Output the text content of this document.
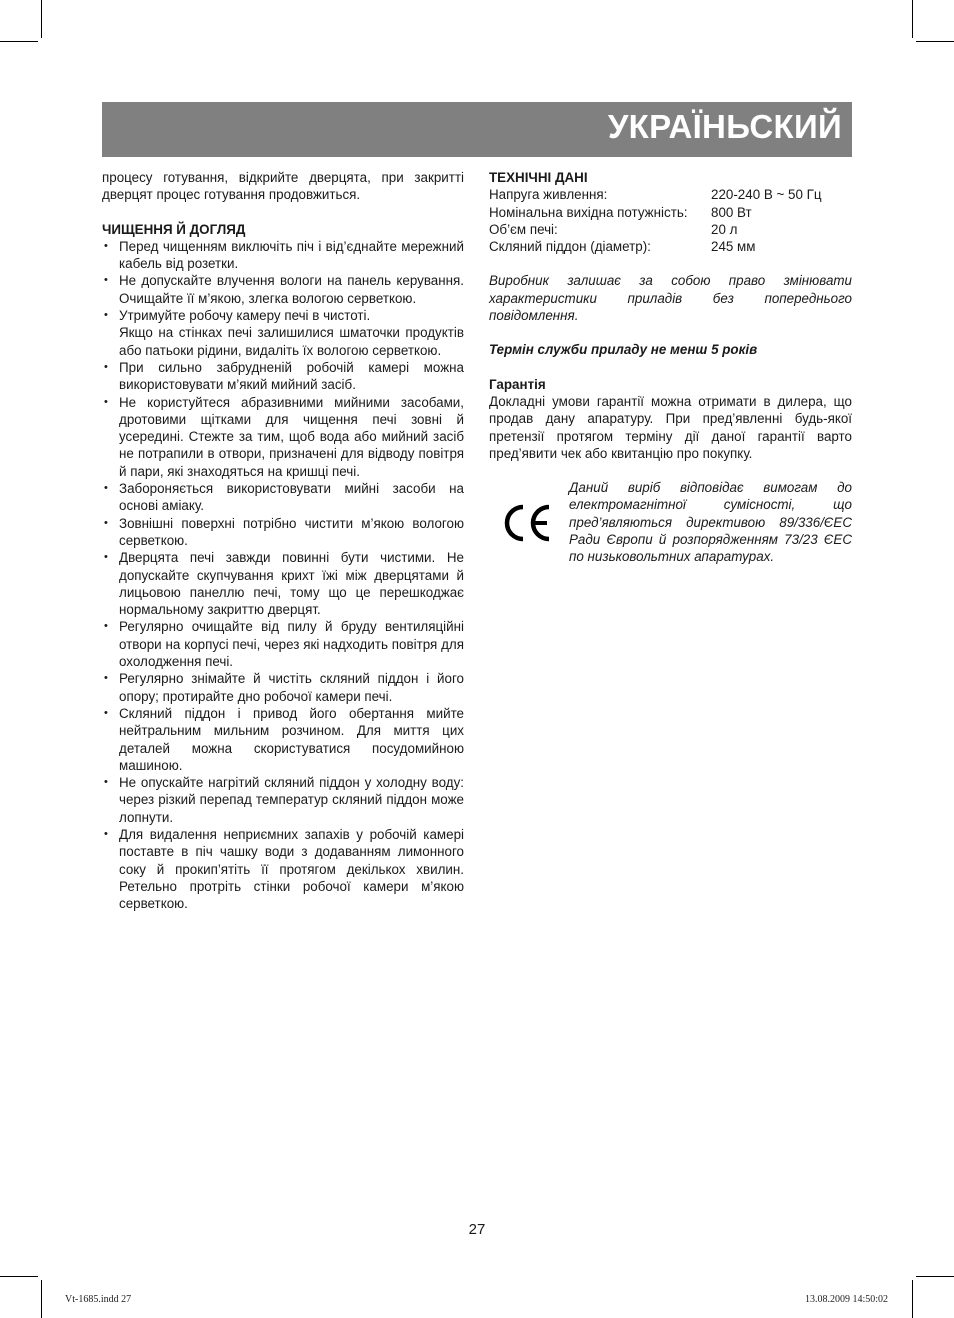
УКРАЇНЬСКИЙ

процесу готування, відкрийте дверцята, при закритті дверцят процес готування продовжиться.

ЧИЩЕННЯ Й ДОГЛЯД

• Перед чищенням виключіть піч і від’єднайте мережний кабель від розетки.
• Не допускайте влучення вологи на панель керування. Очищайте її м’якою, злегка вологою серветкою.
• Утримуйте робочу камеру печі в чистоті.
Якщо на стінках печі залишилися шматочки продуктів або патьоки рідини, видаліть їх вологою серветкою.
• При сильно забрудненій робочій камері можна використовувати м’який мийний засіб.
• Не користуйтеся абразивними мийними засобами, дротовими щітками для чищення печі зовні й усередині. Стежте за тим, щоб вода або мийний засіб не потрапили в отвори, призначені для відводу повітря й пари, які знаходяться на кришці печі.
• Забороняється використовувати мийні засоби на основі аміаку.
• Зовнішні поверхні потрібно чистити м’якою вологою серветкою.
• Дверцята печі завжди повинні бути чистими. Не допускайте скупчування крихт їжі між дверцятами й лицьовою панеллю печі, тому що це перешкоджає нормальному закриттю дверцят.
• Регулярно очищайте від пилу й бруду вентиляційні отвори на корпусі печі, через які надходить повітря для охолодження печі.
• Регулярно знімайте й чистіть скляний піддон і його опору; протирайте дно робочої камери печі.
• Скляний піддон і привод його обертання мийте нейтральним мильним розчином. Для миття цих деталей можна скористуватися посудомийною машиною.
• Не опускайте нагрітий скляний піддон у холодну воду: через різкий перепад температур скляний піддон може лопнути.
• Для видалення неприємних запахів у робочій камері поставте в піч чашку води з додаванням лимонного соку й прокип’ятіть її протягом декількох хвилин. Ретельно протріть стінки робочої камери м’якою серветкою.

ТЕХНІЧНІ ДАНІ

Напруга живлення:	220-240 В ~ 50 Гц
Номінальна вихідна потужність:	800 Вт
Об’єм печі:	20 л
Скляний піддон (діаметр):	245 мм

Виробник залишає за собою право змінювати характеристики приладів без попереднього повідомлення.

Термін служби приладу не менш 5 років

Гарантія

Докладні умови гарантії можна отримати в дилера, що продав дану апаратуру. При пред’явленні будь-якої претензії протягом терміну дії даної гарантії варто пред’явити чек або квитанцію про покупку.

Даний виріб відповідає вимогам до електромагнітної сумісності, що пред’являються директивою 89/336/ЄЕС Ради Європи й розпорядженням 73/23 ЄЕС по низьковольтних апаратурах.

27
Vt-1685.indd 27	13.08.2009 14:50:02
